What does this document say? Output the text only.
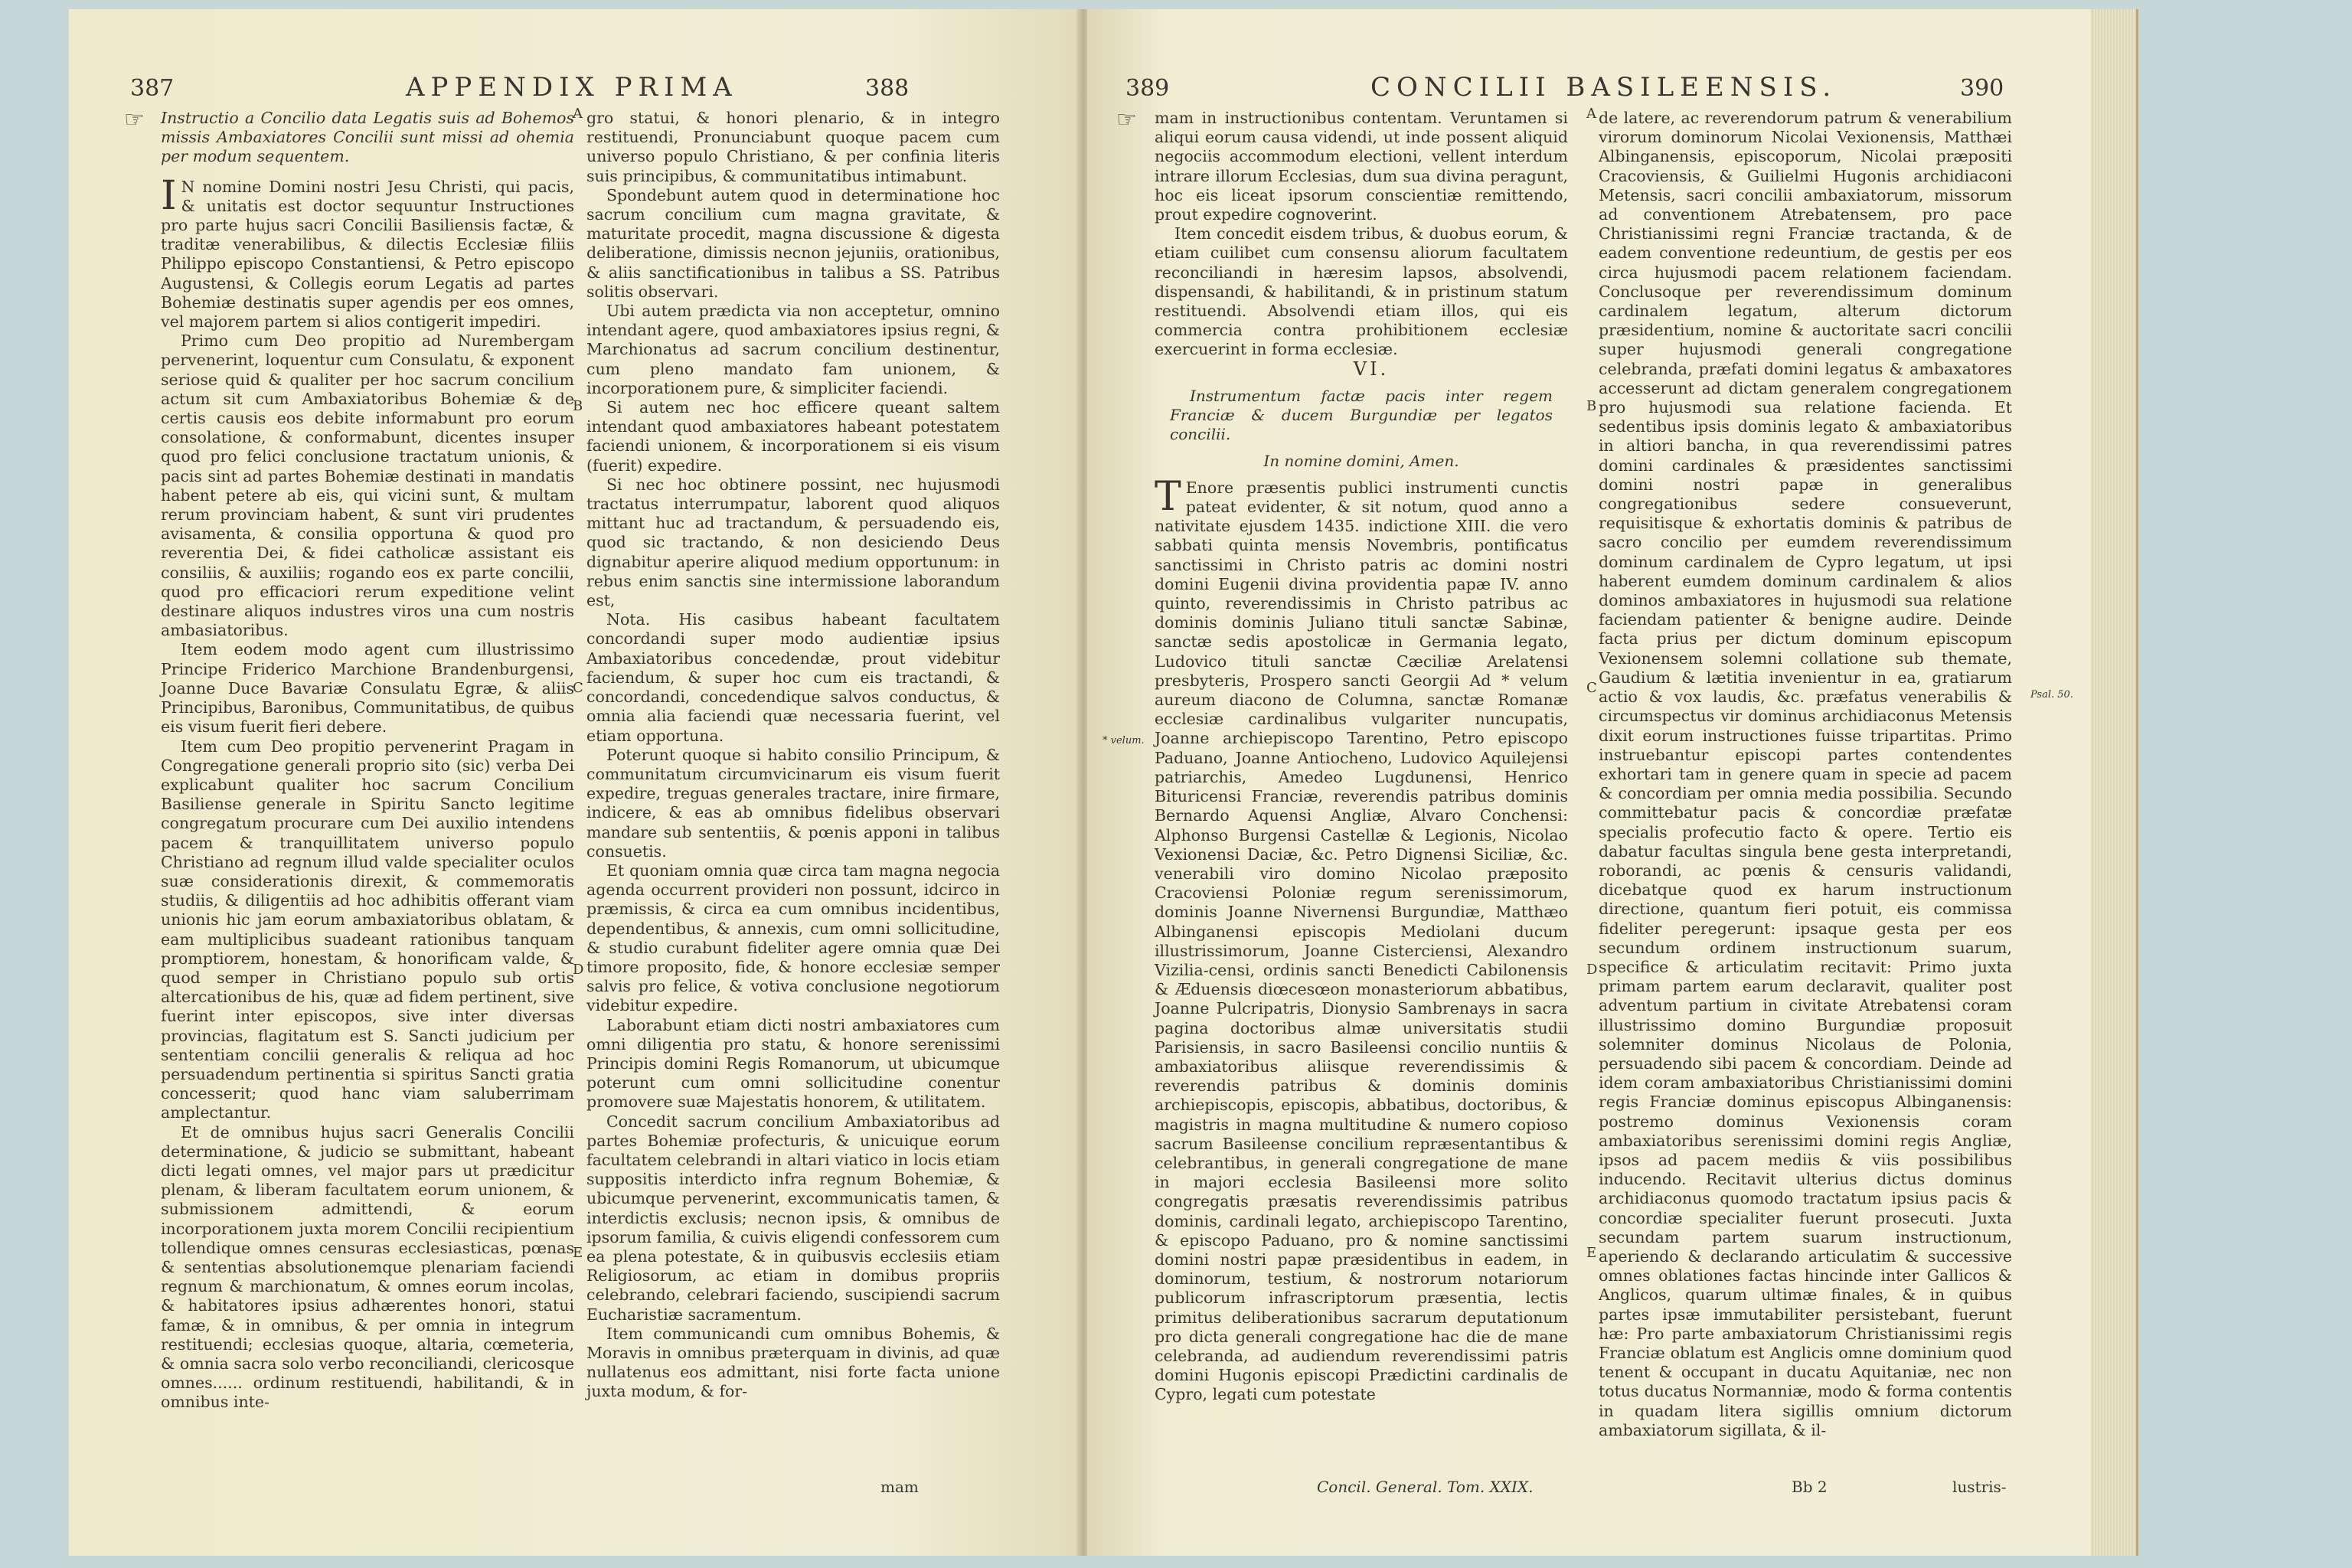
387	APPENDIX PRIMA	388
☞ Instructio a Concilio data Legatis suis ad Bohemos missis Ambaxiatores Concilii sunt missi ad ohemia per modum sequentem.

I N nomine Domini nostri Jesu Christi, qui pacis, & unitatis est doctor sequuntur Instructiones pro parte hujus sacri Concilii Basiliensis factæ, & traditæ venerabilibus, & dilectis Ecclesiæ filiis Philippo episcopo Constantiensi, & Petro episcopo Augustensi, & Collegis eorum Legatis ad partes Bohemiæ destinatis super agendis per eos omnes, vel majorem partem si alios contigerit impediri.

Primo cum Deo propitio ad Nurembergam pervenerint, loquentur cum Consulatu, & exponent seriose quid & qualiter per hoc sacrum concilium actum sit cum Ambaxiatoribus Bohemiæ & de certis causis eos debite informabunt pro eorum consolatione, & conformabunt, dicentes insuper quod pro felici conclusione tractatum unionis, & pacis sint ad partes Bohemiæ destinati in mandatis habent petere ab eis, qui vicini sunt, & multam rerum provinciam habent, & sunt viri prudentes avisamenta, & consilia opportuna & quod pro reverentia Dei, & fidei catholicæ assistant eis consiliis, & auxiliis; rogando eos ex parte concilii, quod pro efficaciori rerum expeditione velint destinare aliquos industres viros una cum nostris ambasiatoribus.

Item eodem modo agent cum illustrissimo Principe Friderico Marchione Brandenburgensi, Joanne Duce Bavariæ Consulatu Egræ, & aliis Principibus, Baronibus, Communitatibus, de quibus eis visum fuerit fieri debere.

Item cum Deo propitio pervenerint Pragam in Congregatione generali proprio sito (sic) verba Dei explicabunt qualiter hoc sacrum Concilium Basiliense generale in Spiritu Sancto legitime congregatum procurare cum Dei auxilio intendens pacem & tranquillitatem universo populo Christiano ad regnum illud valde specialiter oculos suæ considerationis direxit, & commemoratis studiis, & diligentiis ad hoc adhibitis offerant viam unionis hic jam eorum ambaxiatoribus oblatam, & eam multiplicibus suadeant rationibus tanquam promptiorem, honestam, & honorificam valde, & quod semper in Christiano populo sub ortis altercationibus de his, quæ ad fidem pertinent, sive fuerint inter episcopos, sive inter diversas provincias, flagitatum est S. Sancti judicium per sententiam concilii generalis & reliqua ad hoc persuadendum pertinentia si spiritus Sancti gratia concesserit; quod hanc viam saluberrimam amplectantur.

Et de omnibus hujus sacri Generalis Concilii determinatione, & judicio se submittant, habeant dicti legati omnes, vel major pars ut prædicitur plenam, & liberam facultatem eorum unionem, & submissionem admittendi, & eorum incorporationem juxta morem Concilii recipientium tollendique omnes censuras ecclesiasticas, pœnas & sententias absolutionemque plenariam faciendi regnum & marchionatum, & omnes eorum incolas, & habitatores ipsius adhærentes honori, statui famæ, & in omnibus, & per omnia in integrum restituendi; ecclesias quoque, altaria, cœmeteria, & omnia sacra solo verbo reconciliandi, clericosque omnes...... ordinum restituendi, habilitandi, & in omnibus inte-

gro statui, & honori plenario, & in integro restituendi, Pronunciabunt quoque pacem cum universo populo Christiano, & per confinia literis suis principibus, & communitatibus intimabunt.

Spondebunt autem quod in determinatione hoc sacrum concilium cum magna gravitate, & maturitate procedit, magna discussione & digesta deliberatione, dimissis necnon jejuniis, orationibus, & aliis sanctificationibus in talibus a SS. Patribus solitis observari.

Ubi autem prædicta via non acceptetur, omnino intendant agere, quod ambaxiatores ipsius regni, & Marchionatus ad sacrum concilium destinentur, cum pleno mandato fam unionem, & incorporationem pure, & simpliciter faciendi.

Si autem nec hoc efficere queant saltem intendant quod ambaxiatores habeant potestatem faciendi unionem, & incorporationem si eis visum (fuerit) expedire.

Si nec hoc obtinere possint, nec hujusmodi tractatus interrumpatur, laborent quod aliquos mittant huc ad tractandum, & persuadendo eis, quod sic tractando, & non desiciendo Deus dignabitur aperire aliquod medium opportunum: in rebus enim sanctis sine intermissione laborandum est,

Nota. His casibus habeant facultatem concordandi super modo audientiæ ipsius Ambaxiatoribus concedendæ, prout videbitur faciendum, & super hoc cum eis tractandi, & concordandi, concedendique salvos conductus, & omnia alia faciendi quæ necessaria fuerint, vel etiam opportuna.

Poterunt quoque si habito consilio Principum, & communitatum circumvicinarum eis visum fuerit expedire, treguas generales tractare, inire firmare, indicere, & eas ab omnibus fidelibus observari mandare sub sententiis, & pœnis apponi in talibus consuetis.

Et quoniam omnia quæ circa tam magna negocia agenda occurrent provideri non possunt, idcirco in præmissis, & circa ea cum omnibus incidentibus, dependentibus, & annexis, cum omni sollicitudine, & studio curabunt fideliter agere omnia quæ Dei timore proposito, fide, & honore ecclesiæ semper salvis pro felice, & votiva conclusione negotiorum videbitur expedire.

Laborabunt etiam dicti nostri ambaxiatores cum omni diligentia pro statu, & honore serenissimi Principis domini Regis Romanorum, ut ubicumque poterunt cum omni sollicitudine conentur promovere suæ Majestatis honorem, & utilitatem.

Concedit sacrum concilium Ambaxiatoribus ad partes Bohemiæ profecturis, & unicuique eorum facultatem celebrandi in altari viatico in locis etiam suppositis interdicto infra regnum Bohemiæ, & ubicumque pervenerint, excommunicatis tamen, & interdictis exclusis; necnon ipsis, & omnibus de ipsorum familia, & cuivis eligendi confessorem cum ea plena potestate, & in quibusvis ecclesiis etiam Religiosorum, ac etiam in domibus propriis celebrando, celebrari faciendo, suscipiendi sacrum Eucharistiæ sacramentum.

Item communicandi cum omnibus Bohemis, & Moravis in omnibus præterquam in divinis, ad quæ nullatenus eos admittant, nisi forte facta unione juxta modum, & for-

mam
389	CONCILII BASILEENSIS.	390
☞ mam in instructionibus contentam. Veruntamen si aliqui eorum causa videndi, ut inde possent aliquid negociis accommodum electioni, vellent interdum intrare illorum Ecclesias, dum sua divina peragunt, hoc eis liceat ipsorum conscientiæ remittendo, prout expedire cognoverint.

Item concedit eisdem tribus, & duobus eorum, & etiam cuilibet cum consensu aliorum facultatem reconciliandi in hæresim lapsos, absolvendi, dispensandi, & habilitandi, & in pristinum statum restituendi. Absolvendi etiam illos, qui eis commercia contra prohibitionem ecclesiæ exercuerint in forma ecclesiæ.

VI.

Instrumentum factæ pacis inter regem Franciæ & ducem Burgundiæ per legatos concilii.

In nomine domini, Amen.

T Enore præsentis publici instrumenti cunctis pateat evidenter, & sit notum, quod anno a nativitate ejusdem 1435. indictione XIII. die vero sabbati quinta mensis Novembris, pontificatus sanctissimi in Christo patris ac domini nostri domini Eugenii divina providentia papæ IV. anno quinto, reverendissimis in Christo patribus ac dominis dominis Juliano tituli sanctæ Sabinæ, sanctæ sedis apostolicæ in Germania legato, Ludovico tituli sanctæ Cæciliæ Arelatensi presbyteris, Prospero sancti Georgii Ad * velum aureum diacono de Columna, sanctæ Romanæ ecclesiæ cardinalibus vulgariter nuncupatis, Joanne archiepiscopo Tarentino, Petro episcopo Paduano, Joanne Antiocheno, Ludovico Aquilejensi patriarchis, Amedeo Lugdunensi, Henrico Bituricensi Franciæ, reverendis patribus dominis Bernardo Aquensi Angliæ, Alvaro Conchensi: Alphonso Burgensi Castellæ & Legionis, Nicolao Vexionensi Daciæ, &c. Petro Dignensi Siciliæ, &c. venerabili viro domino Nicolao præposito Cracoviensi Poloniæ regum serenissimorum, dominis Joanne Nivernensi Burgundiæ, Matthæo Albinganensi episcopis Mediolani ducum illustrissimorum, Joanne Cisterciensi, Alexandro Vizilia-censi, ordinis sancti Benedicti Cabilonensis & Æduensis diœcesœon monasteriorum abbatibus, Joanne Pulcripatris, Dionysio Sambrenays in sacra pagina doctoribus almæ universitatis studii Parisiensis, in sacro Basileensi concilio nuntiis & ambaxiatoribus aliisque reverendissimis & reverendis patribus & dominis dominis archiepiscopis, episcopis, abbatibus, doctoribus, & magistris in magna multitudine & numero copioso sacrum Basileense concilium repræsentantibus & celebrantibus, in generali congregatione de mane in majori ecclesia Basileensi more solito congregatis præsatis reverendissimis patribus dominis, cardinali legato, archiepiscopo Tarentino, & episcopo Paduano, pro & nomine sanctissimi domini nostri papæ præsidentibus in eadem, in dominorum, testium, & nostrorum notariorum publicorum infrascriptorum præsentia, lectis primitus deliberationibus sacrarum deputationum pro dicta generali congregatione hac die de mane celebranda, ad audiendum reverendissimi patris domini Hugonis episcopi Prædictini cardinalis de Cypro, legati cum potestate

de latere, ac reverendorum patrum & venerabilium virorum dominorum Nicolai Vexionensis, Matthæi Albinganensis, episcoporum, Nicolai præpositi Cracoviensis, & Guilielmi Hugonis archidiaconi Metensis, sacri concilii ambaxiatorum, missorum ad conventionem Atrebatensem, pro pace Christianissimi regni Franciæ tractanda, & de eadem conventione redeuntium, de gestis per eos circa hujusmodi pacem relationem faciendam. Conclusoque per reverendissimum dominum cardinalem legatum, alterum dictorum præsidentium, nomine & auctoritate sacri concilii super hujusmodi generali congregatione celebranda, præfati domini legatus & ambaxatores accesserunt ad dictam generalem congregationem pro hujusmodi sua relatione facienda. Et sedentibus ipsis dominis legato & ambaxiatoribus in altiori bancha, in qua reverendissimi patres domini cardinales & præsidentes sanctissimi domini nostri papæ in generalibus congregationibus sedere consueverunt, requisitisque & exhortatis dominis & patribus de sacro concilio per eumdem reverendissimum dominum cardinalem de Cypro legatum, ut ipsi haberent eumdem dominum cardinalem & alios dominos ambaxiatores in hujusmodi sua relatione faciendam patienter & benigne audire. Deinde facta prius per dictum dominum episcopum Vexionensem solemni collatione sub themate, Gaudium & lætitia invenientur in ea, gratiarum actio & vox laudis, &c. præfatus venerabilis & circumspectus vir dominus archidiaconus Metensis dixit eorum instructiones fuisse tripartitas. Primo instruebantur episcopi partes contendentes exhortari tam in genere quam in specie ad pacem & concordiam per omnia media possibilia. Secundo committebatur pacis & concordiæ præfatæ specialis profecutio facto & opere. Tertio eis dabatur facultas singula bene gesta interpretandi, roborandi, ac pœnis & censuris validandi, dicebatque quod ex harum instructionum directione, quantum fieri potuit, eis commissa fideliter peregerunt: ipsaque gesta per eos secundum ordinem instructionum suarum, specifice & articulatim recitavit: Primo juxta primam partem earum declaravit, qualiter post adventum partium in civitate Atrebatensi coram illustrissimo domino Burgundiæ proposuit solemniter dominus Nicolaus de Polonia, persuadendo sibi pacem & concordiam. Deinde ad idem coram ambaxiatoribus Christianissimi domini regis Franciæ dominus episcopus Albinganensis: postremo dominus Vexionensis coram ambaxiatoribus serenissimi domini regis Angliæ, ipsos ad pacem mediis & viis possibilibus inducendo. Recitavit ulterius dictus dominus archidiaconus quomodo tractatum ipsius pacis & concordiæ specialiter fuerunt prosecuti. Juxta secundam partem suarum instructionum, aperiendo & declarando articulatim & successive omnes oblationes factas hincinde inter Gallicos & Anglicos, quarum ultimæ finales, & in quibus partes ipsæ immutabiliter persistebant, fuerunt hæ: Pro parte ambaxiatorum Christianissimi regis Franciæ oblatum est Anglicis omne dominium quod tenent & occupant in ducatu Aquitaniæ, nec non totus ducatus Normanniæ, modo & forma contentis in quadam litera sigillis omnium dictorum ambaxiatorum sigillata, & il-

* velum.
Psal. 50.
Concil. General. Tom. XXIX.	Bb 2	lustris-
A
B
C
D
E
A
B
C
D
E
